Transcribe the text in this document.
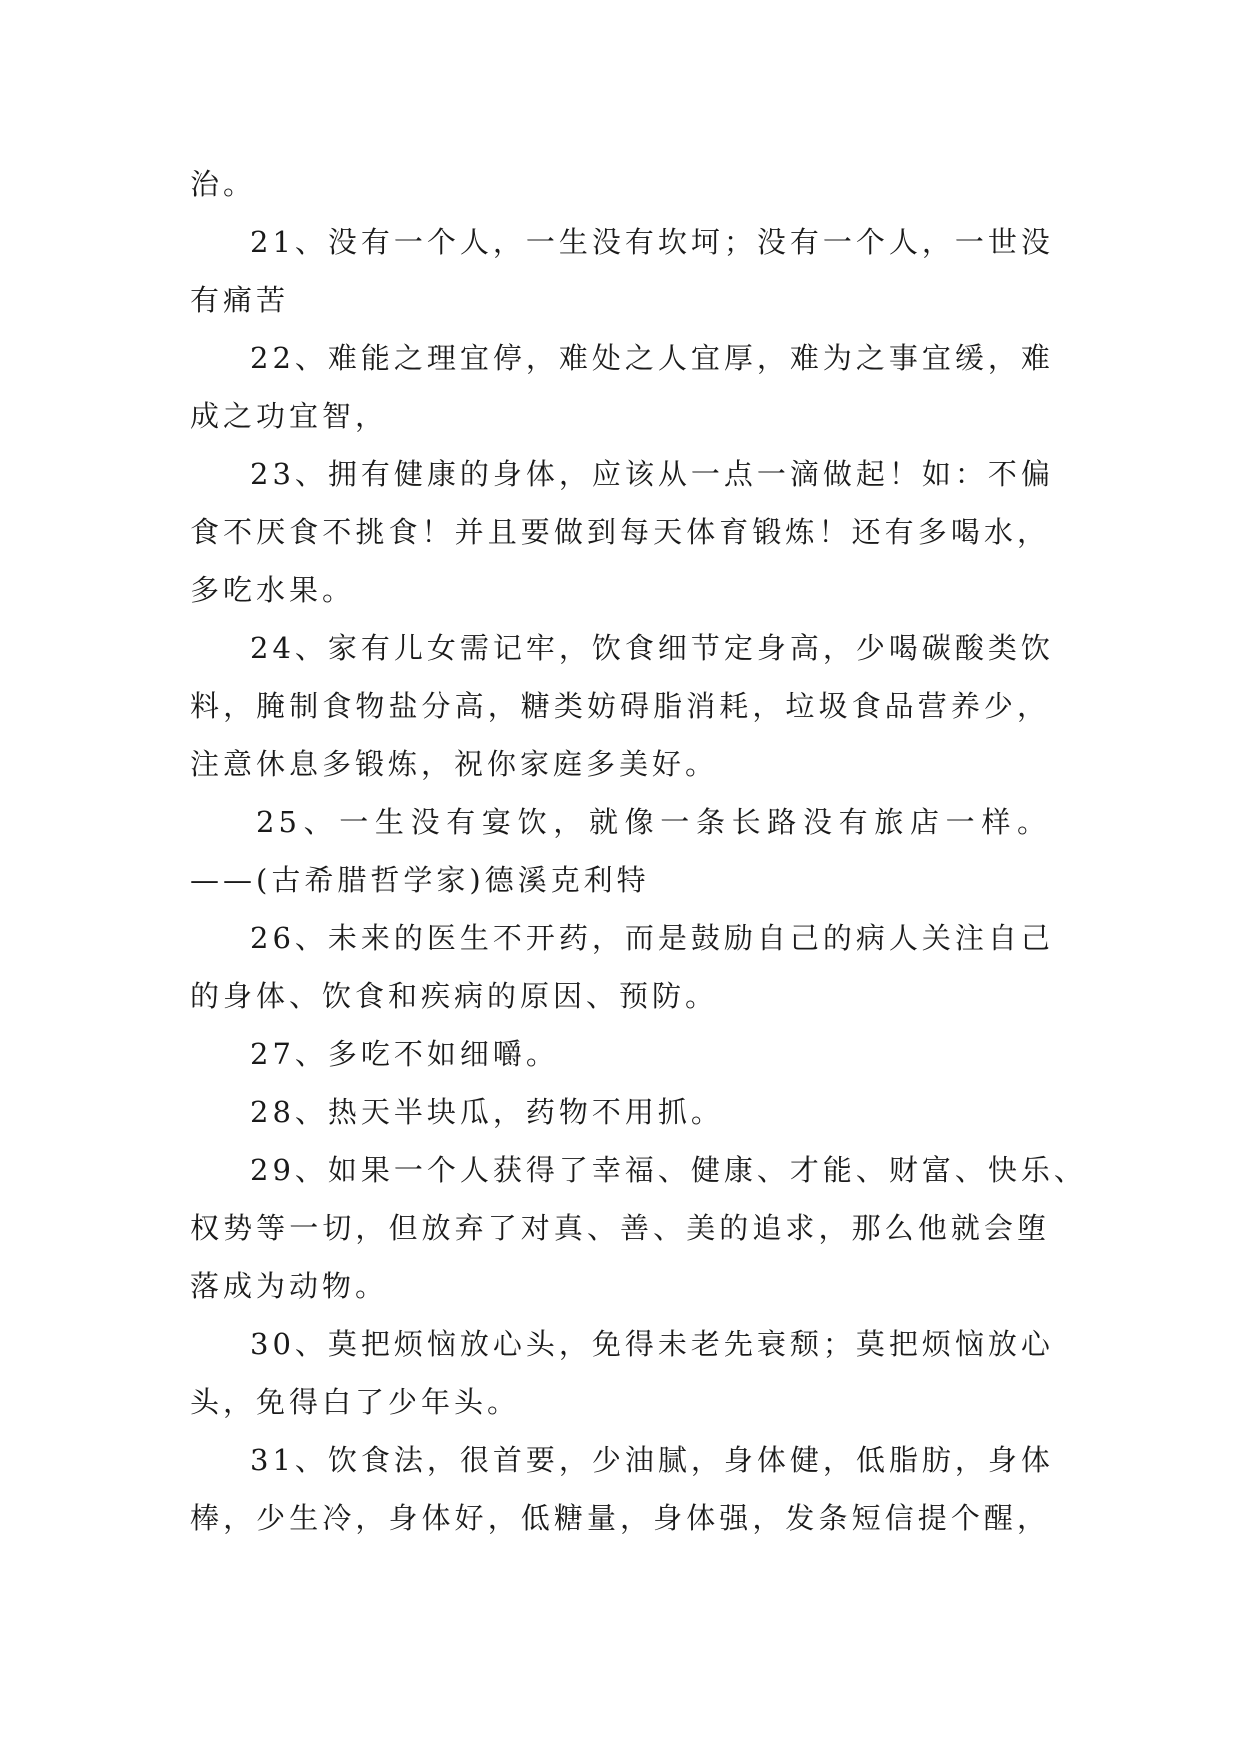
治。

21、没有一个人，一生没有坎坷；没有一个人，一世没

有痛苦

22、难能之理宜停，难处之人宜厚，难为之事宜缓，难

成之功宜智，

23、拥有健康的身体，应该从一点一滴做起！如：不偏

食不厌食不挑食！并且要做到每天体育锻炼！还有多喝水，

多吃水果。

24、家有儿女需记牢，饮食细节定身高，少喝碳酸类饮

料，腌制食物盐分高，糖类妨碍脂消耗，垃圾食品营养少，

注意休息多锻炼，祝你家庭多美好。

25、一生没有宴饮，就像一条长路没有旅店一样。

——(古希腊哲学家)德溪克利特

26、未来的医生不开药，而是鼓励自己的病人关注自己

的身体、饮食和疾病的原因、预防。

27、多吃不如细嚼。

28、热天半块瓜，药物不用抓。

29、如果一个人获得了幸福、健康、才能、财富、快乐、

权势等一切，但放弃了对真、善、美的追求，那么他就会堕

落成为动物。

30、莫把烦恼放心头，免得未老先衰颓；莫把烦恼放心

头，免得白了少年头。

31、饮食法，很首要，少油腻，身体健，低脂肪，身体

棒，少生冷，身体好，低糖量，身体强，发条短信提个醒，
